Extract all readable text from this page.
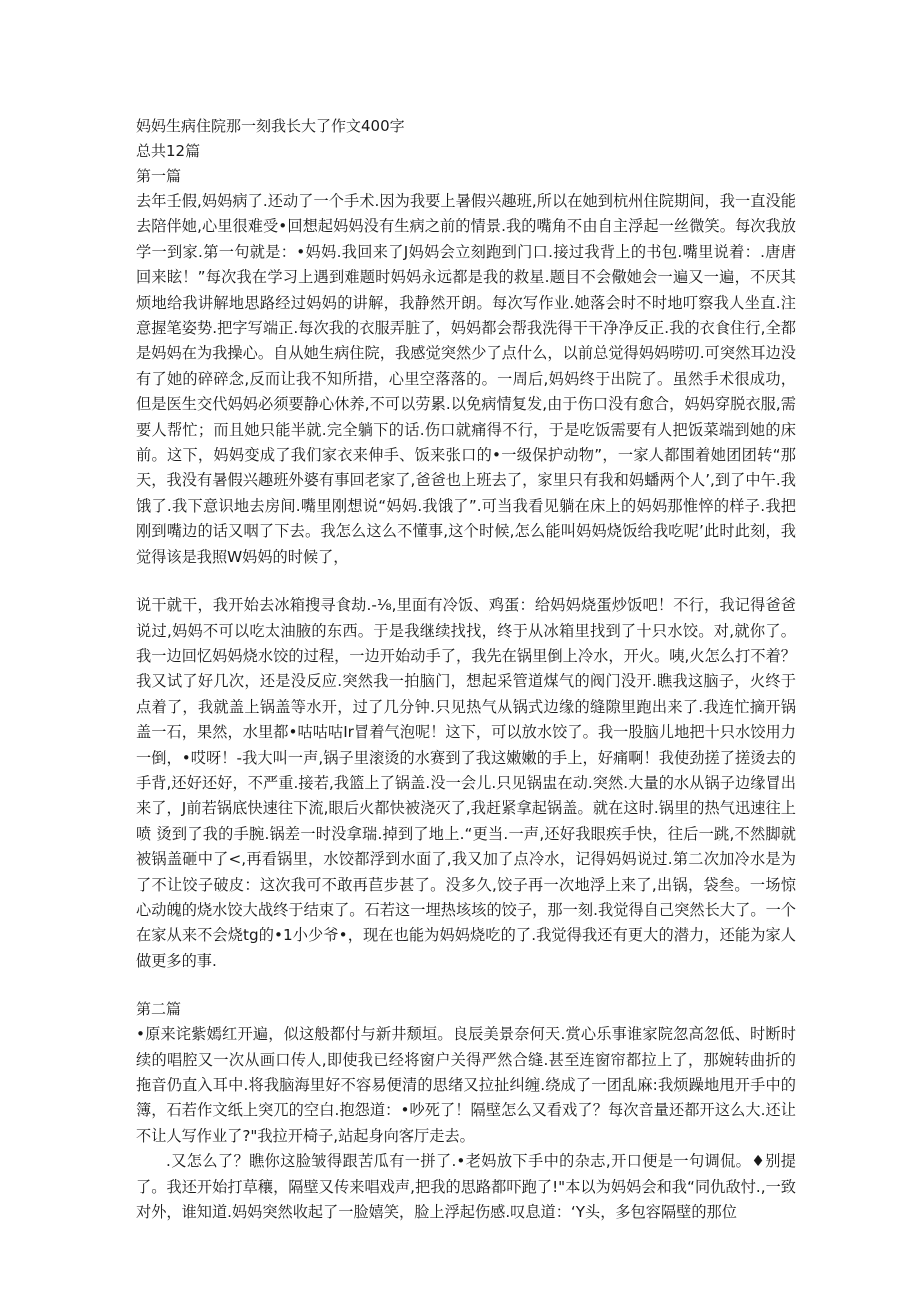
妈妈生病住院那一刻我长大了作文400字

总共12篇

第一篇

去年壬假,妈妈病了.还动了一个手术.因为我要上暑假兴趣班,所以在她到杭州住院期间，我一直没能去陪伴她,心里很难受•回想起妈妈没有生病之前的情景.我的嘴角不由自主浮起一丝微笑。每次我放学一到家.第一句就是：•妈妈.我回来了J妈妈会立刻跑到门口.接过我背上的书包.嘴里说着：.唐唐回来眩！”每次我在学习上遇到难题时妈妈永远都是我的救星.题目不会儆她会一遍又一遍，不厌其烦地给我讲解地思路经过妈妈的讲解，我静然开朗。每次写作业.她落会时不时地叮察我人坐直.注意握笔姿势.把字写端正.每次我的衣服弄脏了，妈妈都会帮我洗得干干净净反正.我的衣食住行,全都是妈妈在为我操心。自从她生病住院，我感觉突然少了点什么，以前总觉得妈妈唠叨.可突然耳边没有了她的碎碎念,反而让我不知所措，心里空落落的。一周后,妈妈终于出院了。虽然手术很成功，但是医生交代妈妈必须要静心休养,不可以劳累.以免病情复发,由于伤口没有愈合，妈妈穿脱衣服,需要人帮忙；而且她只能半就.完全躺下的话.伤口就痛得不行，于是吃饭需要有人把饭菜端到她的床前。这下，妈妈变成了我们家衣来伸手、饭来张口的•一级保护动物”，一家人都围着她团团转“那天，我没有暑假兴趣班外婆有事回老家了,爸爸也上班去了，家里只有我和妈蟠两个人’,到了中午.我饿了.我下意识地去房间.嘴里刚想说“妈妈.我饿了”.可当我看见躺在床上的妈妈那惟悴的样子.我把刚到嘴边的话又咽了下去。我怎么这么不懂事,这个时候,怎么能叫妈妈烧饭给我吃呢’此时此刻，我觉得该是我照W妈妈的时候了，

说干就干，我开始去冰箱搜寻食劫.-⅛,里面有冷饭、鸡蛋：给妈妈烧蛋炒饭吧！不行，我记得爸爸说过,妈妈不可以吃太油腋的东西。于是我继续找找，终于从冰箱里找到了十只水饺。对,就你了。我一边回忆妈妈烧水饺的过程，一边开始动手了，我先在锅里倒上冷水，开火。咦,火怎么打不着？我又试了好几次，还是没反应.突然我一拍脑门，想起采管道煤气的阀门没开.瞧我这脑子，火终于点着了，我就盖上锅盖等水开，过了几分钟.只见热气从锅式边缘的缝隙里跑出来了.我连忙摘开锅盖一石，果然，水里都•咕咕咕Ir冒着气泡呢！这下，可以放水饺了。我一股脑儿地把十只水饺用力一倒，•哎呀！-我大叫一声,锅子里滚烫的水赛到了我这嫩嫩的手上，好痛啊！我使劲搓了搓烫去的手背,还好还好，不严重.接若,我篮上了锅盖.没一会儿.只见锅盅在动.突然.大量的水从锅子边缘冒出来了，J前若锅底快速往下流,眼后火都快被浇灭了,我赶紧拿起锅盖。就在这时.锅里的热气迅速往上喷 烫到了我的手腕.锅差一时没拿瑞.掉到了地上.“更当.一声,还好我眼疾手快，往后一跳,不然脚就被锅盖砸中了<,再看锅里，水饺都浮到水面了,我又加了点冷水，记得妈妈说过.第二次加冷水是为了不让饺子破皮：这次我可不敢再苣步甚了。没多久,饺子再一次地浮上来了,出锅，袋叁。一场惊心动魄的烧水饺大战终于结束了。石若这一埋热垓垓的饺子，那一刻.我觉得自己突然长大了。一个在家从来不会烧tg的•1小少爷•，现在也能为妈妈烧吃的了.我觉得我还有更大的潜力，还能为家人做更多的事.

第二篇

•原来诧紫嫣红开遍，似这般都付与新井颓垣。良辰美景奈何天.赏心乐事谁家院忽高忽低、时断时续的唱腔又一次从画口传人,即使我已经将窗户关得严然合缝.甚至连窗帘都拉上了，那婉转曲折的拖音仍直入耳中.将我脑海里好不容易便清的思绪又拉扯纠缠.绕成了一团乱麻:我烦躁地甩开手中的簿，石若作文纸上突兀的空白.抱怨道：•吵死了！隔壁怎么又看戏了？每次音量还都开这么大.还让不让人写作业了?"我拉开椅子,站起身向客厅走去。

.又怎么了？瞧你这脸皱得跟苦瓜有一拼了.•老妈放下手中的杂志,开口便是一句调侃。♦别提了。我还开始打草穰，隔壁又传来唱戏声,把我的思路都吓跑了!"本以为妈妈会和我“同仇敌忖.,一致对外，谁知道.妈妈突然收起了一脸嬉笑，脸上浮起伤感.叹息道：‘Y头，多包容隔壁的那位
